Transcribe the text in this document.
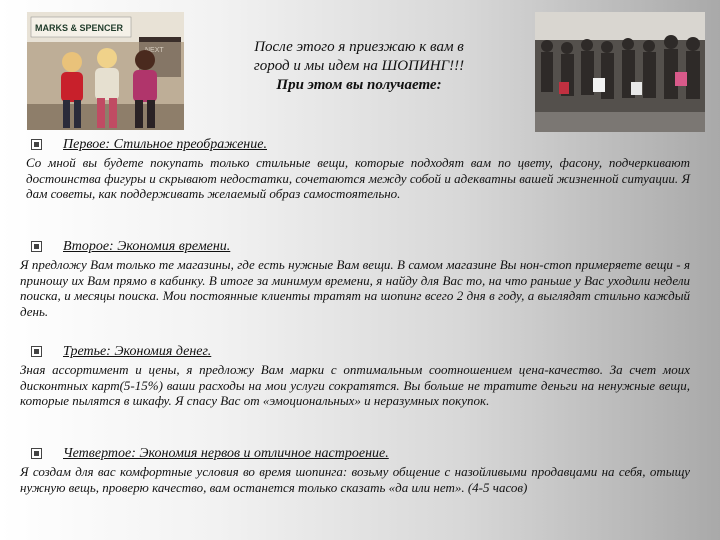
MARKS & SPENCER
После этого я приезжаю к вам в
город и мы идем на ШОПИНГ!!!
При этом вы получаете:
Первое: Стильное преображение.

Со мной вы будете покупать только стильные вещи, которые подходят вам по цвету, фасону, подчеркивают достоинства фигуры и скрывают недостатки, сочетаются между собой и адекватны вашей жизненной ситуации. Я дам советы, как поддерживать желаемый образ самостоятельно.

Второе: Экономия времени.

Я предложу Вам только те магазины, где есть нужные Вам вещи. В самом магазине Вы нон-стоп примеряете вещи - я приношу их Вам прямо в кабинку. В итоге за минимум времени, я найду для Вас то, на что раньше у Вас уходили недели поиска, и месяцы поиска. Мои постоянные клиенты тратят на шопинг всего 2 дня в году, а выглядят стильно каждый день.

Третье: Экономия денег.

Зная ассортимент и цены, я предложу Вам марки с оптимальным соотношением цена-качество. За счет моих дисконтных карт(5-15%) ваши расходы на мои услуги сократятся. Вы больше не тратите деньги на ненужные вещи, которые пылятся в шкафу. Я спасу Вас от «эмоциональных» и неразумных покупок.

Четвертое: Экономия нервов и отличное настроение.

Я создам для вас комфортные условия во время шопинга: возьму общение с назойливыми продавцами на себя, отыщу нужную вещь, проверю качество, вам останется только сказать «да или нет». (4-5 часов)
